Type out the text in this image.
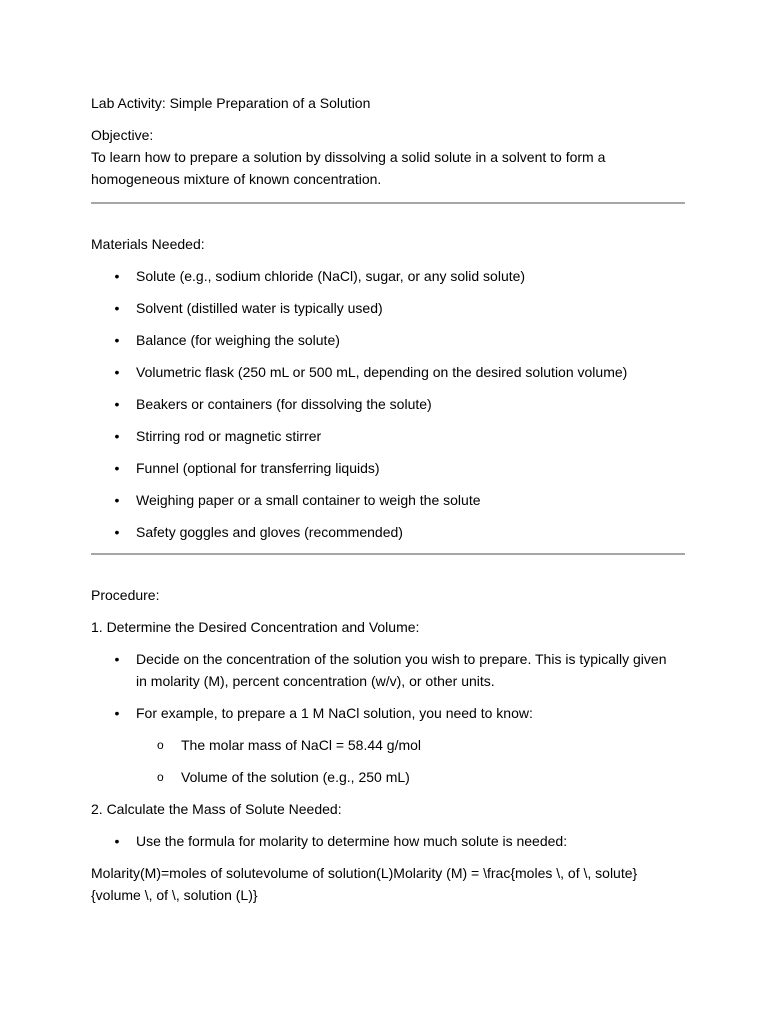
Lab Activity: Simple Preparation of a Solution

Objective:

To learn how to prepare a solution by dissolving a solid solute in a solvent to form a homogeneous mixture of known concentration.

Materials Needed:

• Solute (e.g., sodium chloride (NaCl), sugar, or any solid solute)
• Solvent (distilled water is typically used)
• Balance (for weighing the solute)
• Volumetric flask (250 mL or 500 mL, depending on the desired solution volume)
• Beakers or containers (for dissolving the solute)
• Stirring rod or magnetic stirrer
• Funnel (optional for transferring liquids)
• Weighing paper or a small container to weigh the solute
• Safety goggles and gloves (recommended)

Procedure:

1. Determine the Desired Concentration and Volume:

• Decide on the concentration of the solution you wish to prepare. This is typically given in molarity (M), percent concentration (w/v), or other units.
• For example, to prepare a 1 M NaCl solution, you need to know:
o The molar mass of NaCl = 58.44 g/mol
o Volume of the solution (e.g., 250 mL)

2. Calculate the Mass of Solute Needed:

• Use the formula for molarity to determine how much solute is needed:

Molarity(M)=moles of solutevolume of solution(L)Molarity (M) = \frac{moles \, of \, solute}{volume \, of \, solution (L)}
